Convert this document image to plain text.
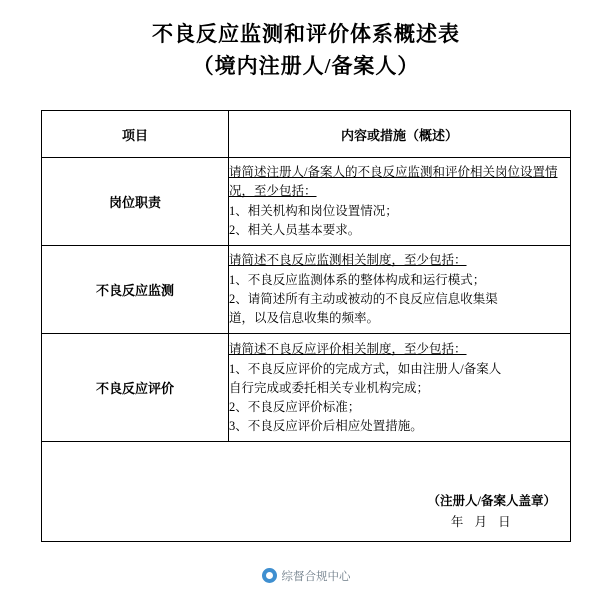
不良反应监测和评价体系概述表
（境内注册人/备案人）
项目	内容或措施（概述）
岗位职责	请简述注册人/备案人的不良反应监测和评价相关岗位设置情况，至少包括：
1、相关机构和岗位设置情况；
2、相关人员基本要求。

不良反应监测	请简述不良反应监测相关制度，至少包括：
1、不良反应监测体系的整体构成和运行模式；
2、请简述所有主动或被动的不良反应信息收集渠
道，以及信息收集的频率。

不良反应评价	请简述不良反应评价相关制度，至少包括：
1、不良反应评价的完成方式，如由注册人/备案人
自行完成或委托相关专业机构完成；
2、不良反应评价标准；
3、不良反应评价后相应处置措施。

（注册人/备案人盖章）
年 月 日	
综督合规中心
